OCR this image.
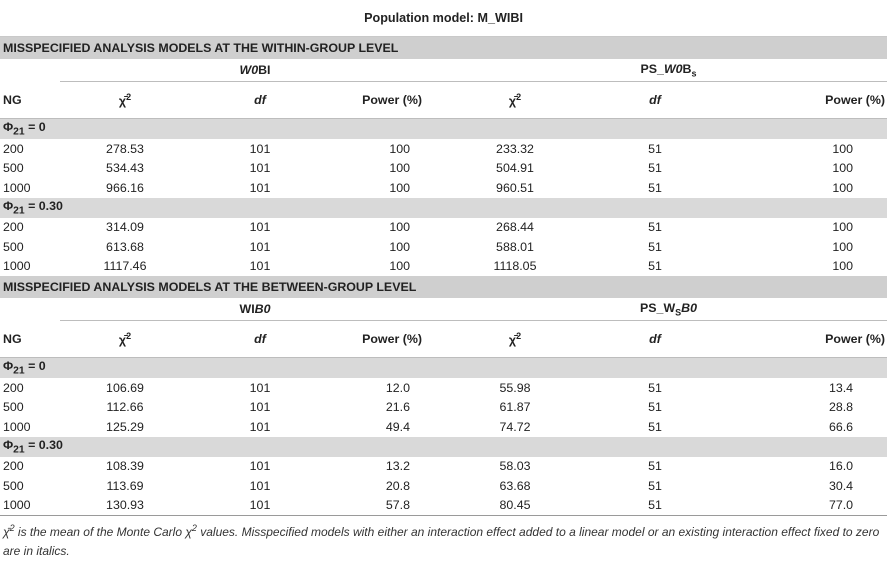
Population model: M_WIBI						
MISSPECIFIED ANALYSIS MODELS AT THE WITHIN-GROUP LEVEL						
	W0BI			$PS\_W0B_s$
NG	χ̄$^2$	df	Power (%)	χ̄$^2$	df	Power (%)
$\Phi_{21} = 0$						
200	278.53	101	100	233.32	51	100
500	534.43	101	100	504.91	51	100
1000	966.16	101	100	960.51	51	100
$\Phi_{21} = 0.30$						
200	314.09	101	100	268.44	51	100
500	613.68	101	100	588.01	51	100
1000	1117.46	101	100	1118.05	51	100
MISSPECIFIED ANALYSIS MODELS AT THE BETWEEN-GROUP LEVEL						
	WIB0			$PS\_W_SB0$		
NG	χ̄$^2$	df	Power (%)	χ̄$^2$	df	Power (%)
$\Phi_{21} = 0$						
200	106.69	101	12.0	55.98	51	13.4
500	112.66	101	21.6	61.87	51	28.8
1000	125.29	101	49.4	74.72	51	66.6
$\Phi_{21} = 0.30$						
200	108.39	101	13.2	58.03	51	16.0
500	113.69	101	20.8	63.68	51	30.4
1000	130.93	101	57.8	80.45	51	77.0
χ̄$^2$ is the mean of the Monte Carlo $\chi^2$ values. Misspecified models with either an interaction effect added to a linear model or an existing interaction effect fixed to zero are in italics.
